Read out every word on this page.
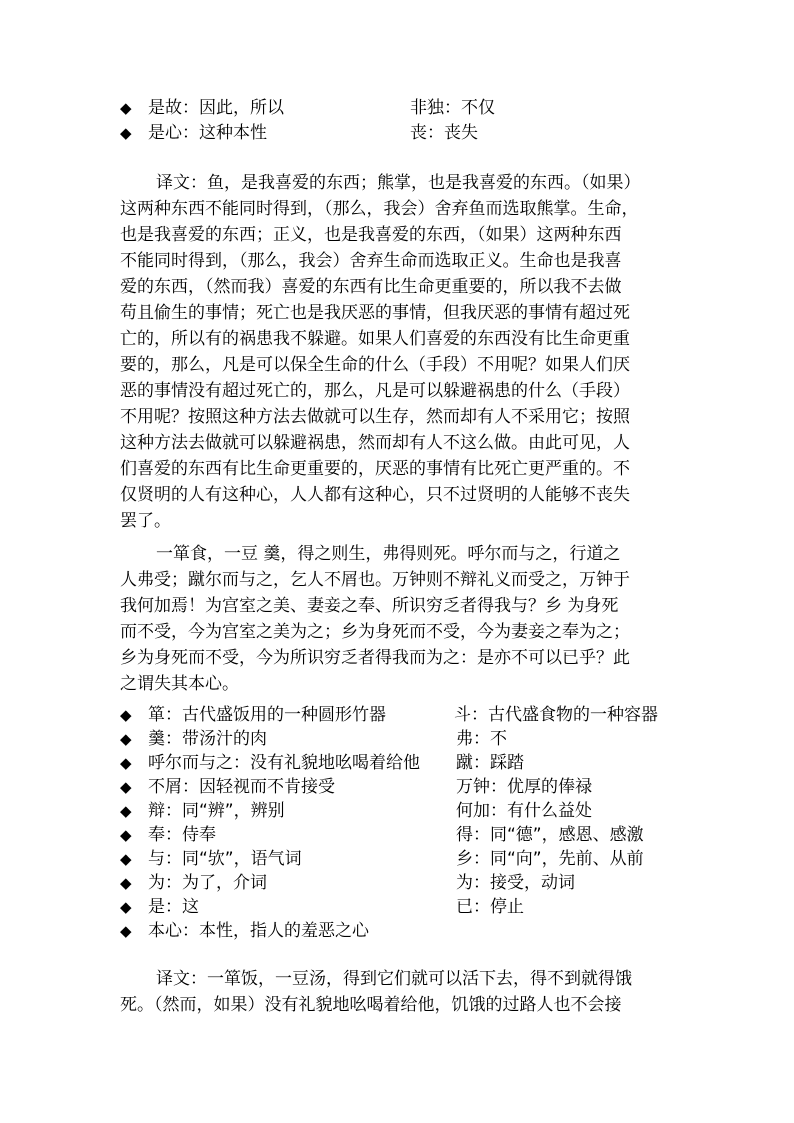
◆ 是故：因此，所以	非独：不仅
◆ 是心：这种本性	丧：丧失
译文：鱼，是我喜爱的东西；熊掌，也是我喜爱的东西。（如果）
这两种东西不能同时得到，（那么，我会）舍弃鱼而选取熊掌。生命，
也是我喜爱的东西；正义，也是我喜爱的东西，（如果）这两种东西
不能同时得到，（那么，我会）舍弃生命而选取正义。生命也是我喜
爱的东西，（然而我）喜爱的东西有比生命更重要的，所以我不去做
苟且偷生的事情；死亡也是我厌恶的事情，但我厌恶的事情有超过死
亡的，所以有的祸患我不躲避。如果人们喜爱的东西没有比生命更重
要的，那么，凡是可以保全生命的什么（手段）不用呢？如果人们厌
恶的事情没有超过死亡的，那么，凡是可以躲避祸患的什么（手段）
不用呢？按照这种方法去做就可以生存，然而却有人不采用它；按照
这种方法去做就可以躲避祸患，然而却有人不这么做。由此可见，人
们喜爱的东西有比生命更重要的，厌恶的事情有比死亡更严重的。不
仅贤明的人有这种心，人人都有这种心，只不过贤明的人能够不丧失
罢了。
一箪食，一豆 羹，得之则生，弗得则死。呼尔而与之，行道之
人弗受；蹴尔而与之，乞人不屑也。万钟则不辩礼义而受之，万钟于
我何加焉！为宫室之美、妻妾之奉、所识穷乏者得我与？乡 为身死
而不受，今为宫室之美为之；乡为身死而不受，今为妻妾之奉为之；
乡为身死而不受，今为所识穷乏者得我而为之：是亦不可以已乎？此
之谓失其本心。
◆ 箪：古代盛饭用的一种圆形竹器	斗：古代盛食物的一种容器
◆ 羹：带汤汁的肉	弗：不
◆ 呼尔而与之：没有礼貌地吆喝着给他 蹴：踩踏
◆ 不屑：因轻视而不肯接受	万钟：优厚的俸禄
◆ 辩：同“辨”，辨别	何加：有什么益处
◆ 奉：侍奉	得：同“德”，感恩、感激
◆ 与：同“欤”，语气词	乡：同“向”，先前、从前
◆ 为：为了，介词	为：接受，动词
◆ 是：这	已：停止
◆ 本心：本性，指人的羞恶之心
译文：一箪饭，一豆汤，得到它们就可以活下去，得不到就得饿
死。（然而，如果）没有礼貌地吆喝着给他，饥饿的过路人也不会接
